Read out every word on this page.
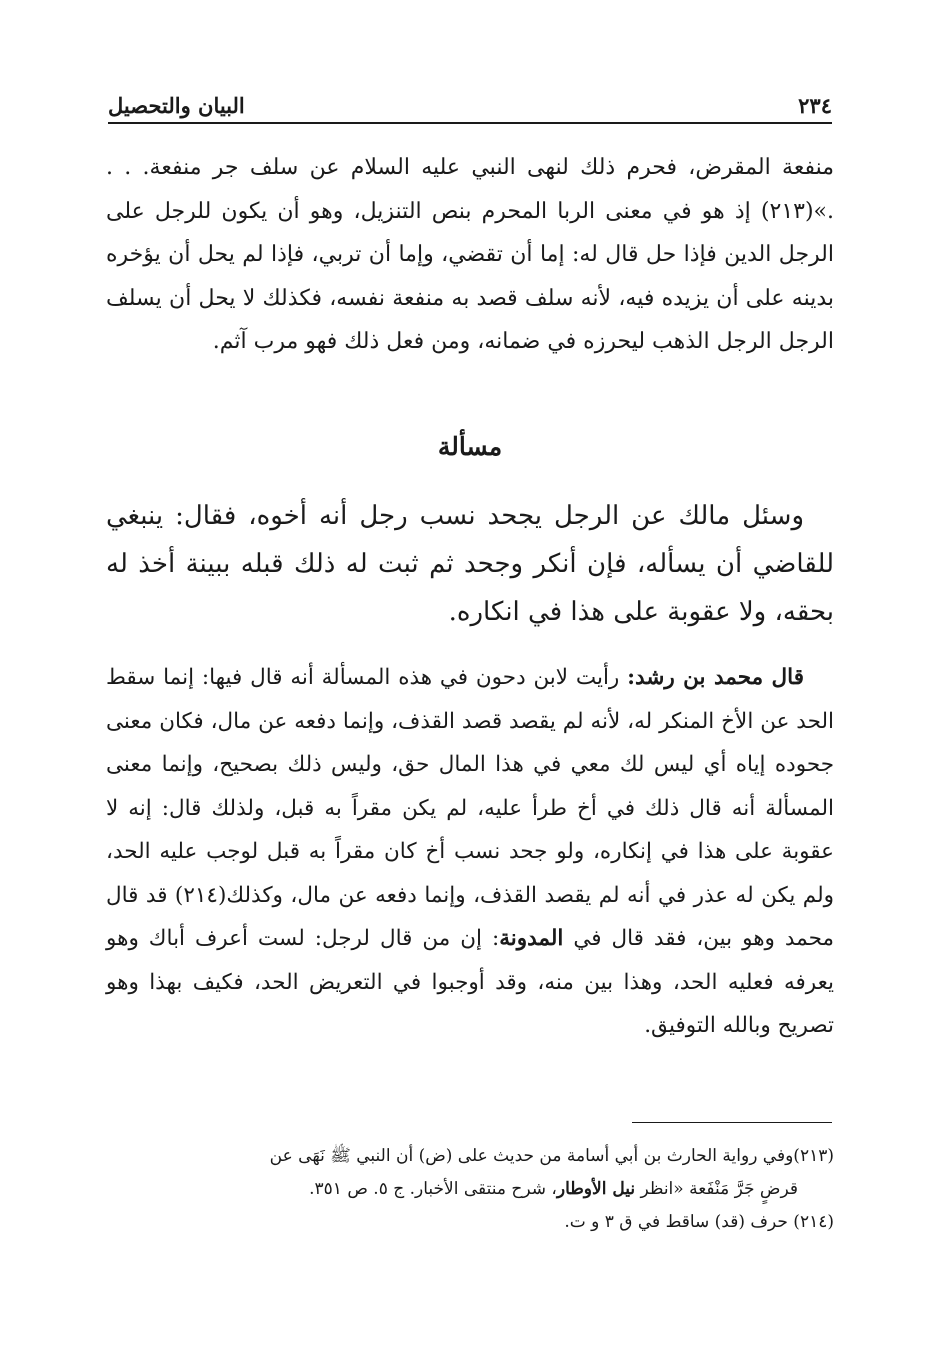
٢٣٤
البيان والتحصيل

منفعة المقرض، فحرم ذلك لنهى النبي عليه السلام عن سلف جر منفعة. . . .»(٢١٣) إذ هو في معنى الربا المحرم بنص التنزيل، وهو أن يكون للرجل على الرجل الدين فإذا حل قال له: إما أن تقضي، وإما أن تربي، فإذا لم يحل أن يؤخره بدينه على أن يزيده فيه، لأنه سلف قصد به منفعة نفسه، فكذلك لا يحل أن يسلف الرجل الرجل الذهب ليحرزه في ضمانه، ومن فعل ذلك فهو مرب آثم.

مسألة

وسئل مالك عن الرجل يجحد نسب رجل أنه أخوه، فقال: ينبغي للقاضي أن يسأله، فإن أنكر وجحد ثم ثبت له ذلك قبله ببينة أخذ له بحقه، ولا عقوبة على هذا في انكاره.

قال محمد بن رشد: رأيت لابن دحون في هذه المسألة أنه قال فيها: إنما سقط الحد عن الأخ المنكر له، لأنه لم يقصد قصد القذف، وإنما دفعه عن مال، فكان معنى جحوده إياه أي ليس لك معي في هذا المال حق، وليس ذلك بصحيح، وإنما معنى المسألة أنه قال ذلك في أخ طرأ عليه، لم يكن مقراً به قبل، ولذلك قال: إنه لا عقوبة على هذا في إنكاره، ولو جحد نسب أخ كان مقراً به قبل لوجب عليه الحد، ولم يكن له عذر في أنه لم يقصد القذف، وإنما دفعه عن مال، وكذلك(٢١٤) قد قال محمد وهو بين، فقد قال في المدونة: إن من قال لرجل: لست أعرف أباك وهو يعرفه فعليه الحد، وهذا بين منه، وقد أوجبوا في التعريض الحد، فكيف بهذا وهو تصريح وبالله التوفيق.

(٢١٣)وفي رواية الحارث بن أبي أسامة من حديث على (ض) أن النبي ﷺ نَهَى عن

قرضٍ جَرَّ مَنْفَعة «انظر نيل الأوطار، شرح منتقى الأخبار. ج ٥. ص ٣٥١.

(٢١٤) حرف (قد) ساقط في ق ٣ و ت.
